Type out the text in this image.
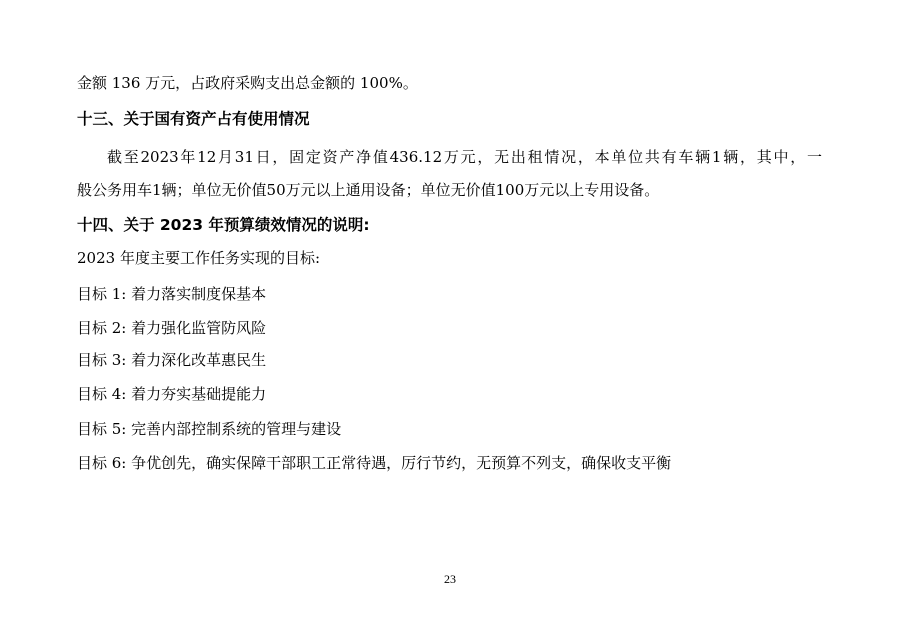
金额 136 万元，占政府采购支出总金额的 100%。
十三、关于国有资产占有使用情况
截至2023年12月31日，固定资产净值436.12万元，无出租情况，本单位共有车辆1辆，其中，一
般公务用车1辆；单位无价值50万元以上通用设备；单位无价值100万元以上专用设备。
十四、关于 2023 年预算绩效情况的说明:
2023 年度主要工作任务实现的目标:
目标 1: 着力落实制度保基本
目标 2: 着力强化监管防风险
目标 3: 着力深化改革惠民生
目标 4: 着力夯实基础提能力
目标 5: 完善内部控制系统的管理与建设
目标 6: 争优创先，确实保障干部职工正常待遇，厉行节约，无预算不列支，确保收支平衡
23
